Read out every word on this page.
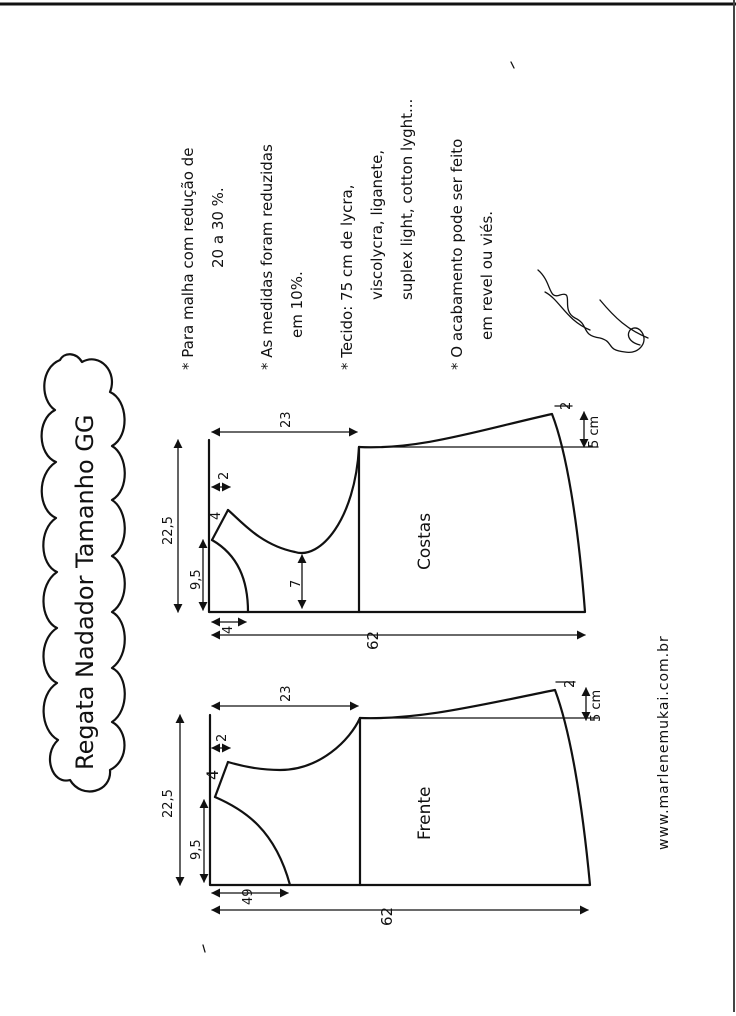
Regata Nadador Tamanho GG
* Para malha com redução de 20 a 30 %. * As medidas foram reduzidas em 10%. * Tecido: 75 cm de lycra, viscolycra, liganete, suplex light, cotton lyght... * O acabamento pode ser feito em revel ou viés.
www.marlenemukai.com.br
23
22,5
9,5
2
4
7
4
62
Costas
2
5 cm
23
22,5
9,5
2
4
49
62
Frente
2
5 cm
